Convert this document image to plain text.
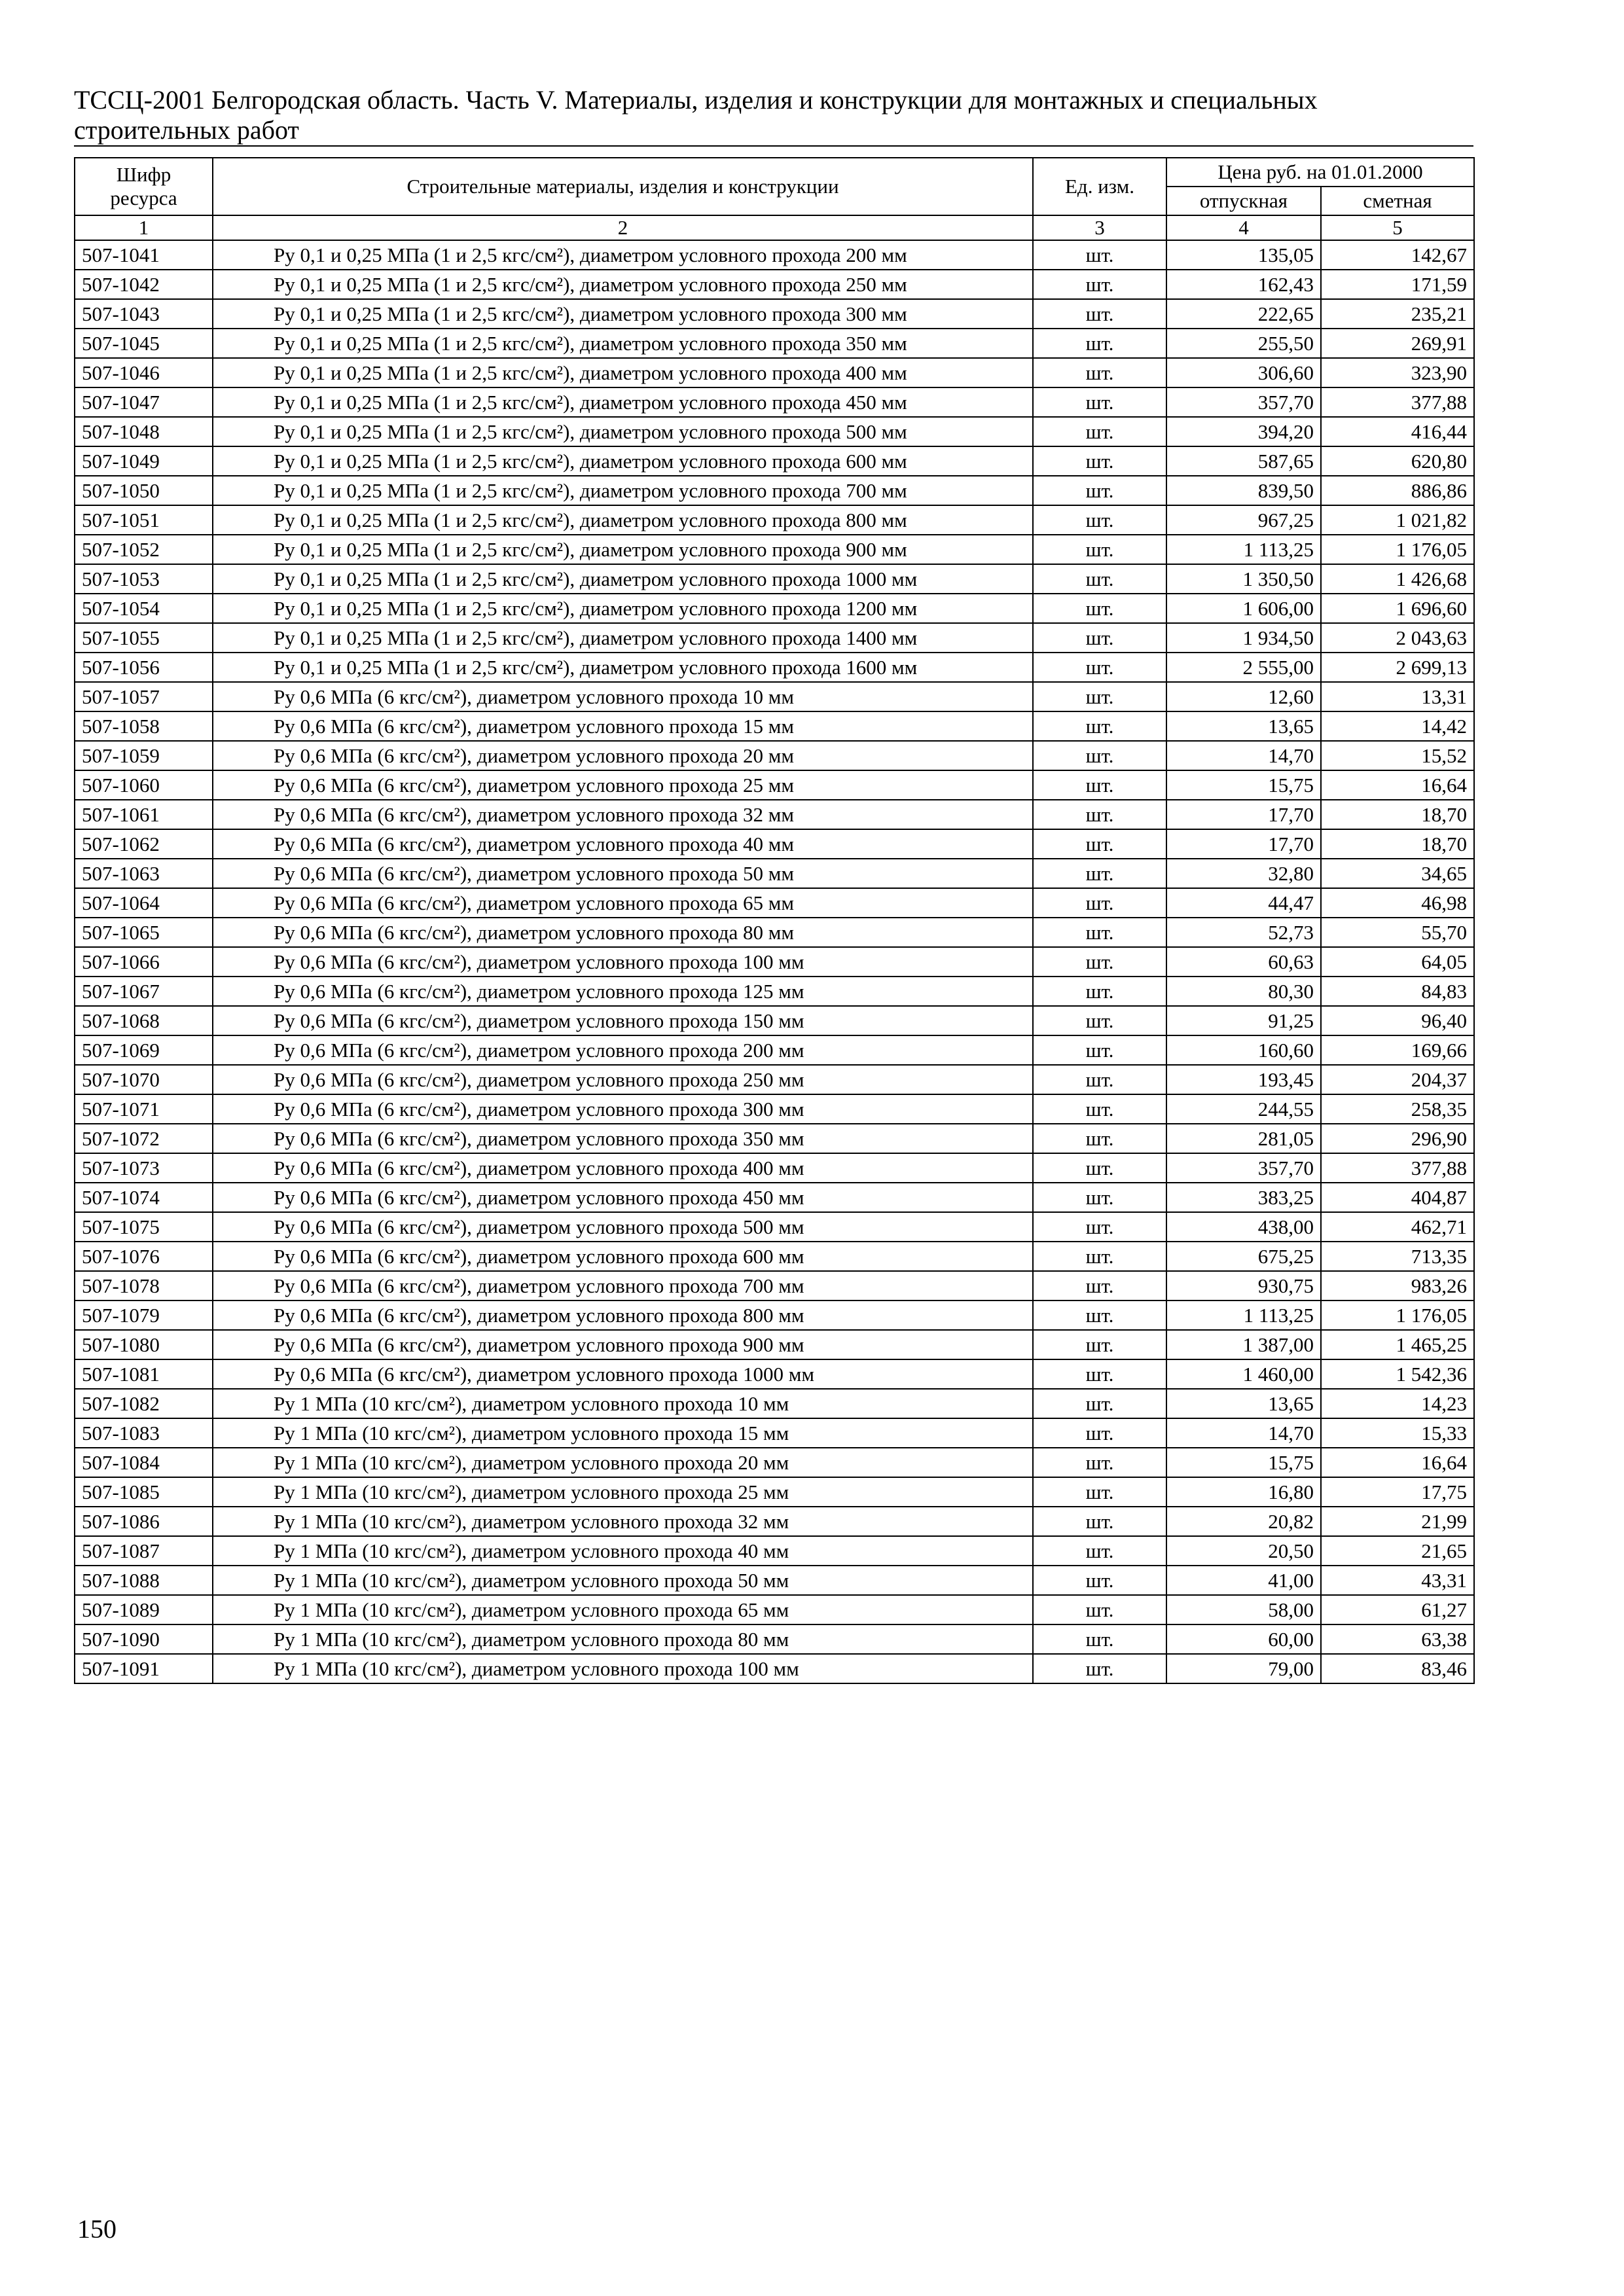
ТССЦ-2001 Белгородская область. Часть V. Материалы, изделия и конструкции для монтажных и специальных
строительных работ
Шифр ресурса	Строительные материалы, изделия и конструкции	Ед. изм.	Цена руб. на 01.01.2000	
			отпускная	сметная
1	2	3	4	5
507-1041	Ру 0,1 и 0,25 МПа (1 и 2,5 кгс/см²), диаметром условного прохода 200 мм	шт.	135,05	142,67
507-1042	Ру 0,1 и 0,25 МПа (1 и 2,5 кгс/см²), диаметром условного прохода 250 мм	шт.	162,43	171,59
507-1043	Ру 0,1 и 0,25 МПа (1 и 2,5 кгс/см²), диаметром условного прохода 300 мм	шт.	222,65	235,21
507-1045	Ру 0,1 и 0,25 МПа (1 и 2,5 кгс/см²), диаметром условного прохода 350 мм	шт.	255,50	269,91
507-1046	Ру 0,1 и 0,25 МПа (1 и 2,5 кгс/см²), диаметром условного прохода 400 мм	шт.	306,60	323,90
507-1047	Ру 0,1 и 0,25 МПа (1 и 2,5 кгс/см²), диаметром условного прохода 450 мм	шт.	357,70	377,88
507-1048	Ру 0,1 и 0,25 МПа (1 и 2,5 кгс/см²), диаметром условного прохода 500 мм	шт.	394,20	416,44
507-1049	Ру 0,1 и 0,25 МПа (1 и 2,5 кгс/см²), диаметром условного прохода 600 мм	шт.	587,65	620,80
507-1050	Ру 0,1 и 0,25 МПа (1 и 2,5 кгс/см²), диаметром условного прохода 700 мм	шт.	839,50	886,86
507-1051	Ру 0,1 и 0,25 МПа (1 и 2,5 кгс/см²), диаметром условного прохода 800 мм	шт.	967,25	1 021,82
507-1052	Ру 0,1 и 0,25 МПа (1 и 2,5 кгс/см²), диаметром условного прохода 900 мм	шт.	1 113,25	1 176,05
507-1053	Ру 0,1 и 0,25 МПа (1 и 2,5 кгс/см²), диаметром условного прохода 1000 мм	шт.	1 350,50	1 426,68
507-1054	Ру 0,1 и 0,25 МПа (1 и 2,5 кгс/см²), диаметром условного прохода 1200 мм	шт.	1 606,00	1 696,60
507-1055	Ру 0,1 и 0,25 МПа (1 и 2,5 кгс/см²), диаметром условного прохода 1400 мм	шт.	1 934,50	2 043,63
507-1056	Ру 0,1 и 0,25 МПа (1 и 2,5 кгс/см²), диаметром условного прохода 1600 мм	шт.	2 555,00	2 699,13
507-1057	Ру 0,6 МПа (6 кгс/см²), диаметром условного прохода 10 мм	шт.	12,60	13,31
507-1058	Ру 0,6 МПа (6 кгс/см²), диаметром условного прохода 15 мм	шт.	13,65	14,42
507-1059	Ру 0,6 МПа (6 кгс/см²), диаметром условного прохода 20 мм	шт.	14,70	15,52
507-1060	Ру 0,6 МПа (6 кгс/см²), диаметром условного прохода 25 мм	шт.	15,75	16,64
507-1061	Ру 0,6 МПа (6 кгс/см²), диаметром условного прохода 32 мм	шт.	17,70	18,70
507-1062	Ру 0,6 МПа (6 кгс/см²), диаметром условного прохода 40 мм	шт.	17,70	18,70
507-1063	Ру 0,6 МПа (6 кгс/см²), диаметром условного прохода 50 мм	шт.	32,80	34,65
507-1064	Ру 0,6 МПа (6 кгс/см²), диаметром условного прохода 65 мм	шт.	44,47	46,98
507-1065	Ру 0,6 МПа (6 кгс/см²), диаметром условного прохода 80 мм	шт.	52,73	55,70
507-1066	Ру 0,6 МПа (6 кгс/см²), диаметром условного прохода 100 мм	шт.	60,63	64,05
507-1067	Ру 0,6 МПа (6 кгс/см²), диаметром условного прохода 125 мм	шт.	80,30	84,83
507-1068	Ру 0,6 МПа (6 кгс/см²), диаметром условного прохода 150 мм	шт.	91,25	96,40
507-1069	Ру 0,6 МПа (6 кгс/см²), диаметром условного прохода 200 мм	шт.	160,60	169,66
507-1070	Ру 0,6 МПа (6 кгс/см²), диаметром условного прохода 250 мм	шт.	193,45	204,37
507-1071	Ру 0,6 МПа (6 кгс/см²), диаметром условного прохода 300 мм	шт.	244,55	258,35
507-1072	Ру 0,6 МПа (6 кгс/см²), диаметром условного прохода 350 мм	шт.	281,05	296,90
507-1073	Ру 0,6 МПа (6 кгс/см²), диаметром условного прохода 400 мм	шт.	357,70	377,88
507-1074	Ру 0,6 МПа (6 кгс/см²), диаметром условного прохода 450 мм	шт.	383,25	404,87
507-1075	Ру 0,6 МПа (6 кгс/см²), диаметром условного прохода 500 мм	шт.	438,00	462,71
507-1076	Ру 0,6 МПа (6 кгс/см²), диаметром условного прохода 600 мм	шт.	675,25	713,35
507-1078	Ру 0,6 МПа (6 кгс/см²), диаметром условного прохода 700 мм	шт.	930,75	983,26
507-1079	Ру 0,6 МПа (6 кгс/см²), диаметром условного прохода 800 мм	шт.	1 113,25	1 176,05
507-1080	Ру 0,6 МПа (6 кгс/см²), диаметром условного прохода 900 мм	шт.	1 387,00	1 465,25
507-1081	Ру 0,6 МПа (6 кгс/см²), диаметром условного прохода 1000 мм	шт.	1 460,00	1 542,36
507-1082	Ру 1 МПа (10 кгс/см²), диаметром условного прохода 10 мм	шт.	13,65	14,23
507-1083	Ру 1 МПа (10 кгс/см²), диаметром условного прохода 15 мм	шт.	14,70	15,33
507-1084	Ру 1 МПа (10 кгс/см²), диаметром условного прохода 20 мм	шт.	15,75	16,64
507-1085	Ру 1 МПа (10 кгс/см²), диаметром условного прохода 25 мм	шт.	16,80	17,75
507-1086	Ру 1 МПа (10 кгс/см²), диаметром условного прохода 32 мм	шт.	20,82	21,99
507-1087	Ру 1 МПа (10 кгс/см²), диаметром условного прохода 40 мм	шт.	20,50	21,65
507-1088	Ру 1 МПа (10 кгс/см²), диаметром условного прохода 50 мм	шт.	41,00	43,31
507-1089	Ру 1 МПа (10 кгс/см²), диаметром условного прохода 65 мм	шт.	58,00	61,27
507-1090	Ру 1 МПа (10 кгс/см²), диаметром условного прохода 80 мм	шт.	60,00	63,38
507-1091	Ру 1 МПа (10 кгс/см²), диаметром условного прохода 100 мм	шт.	79,00	83,46
150
